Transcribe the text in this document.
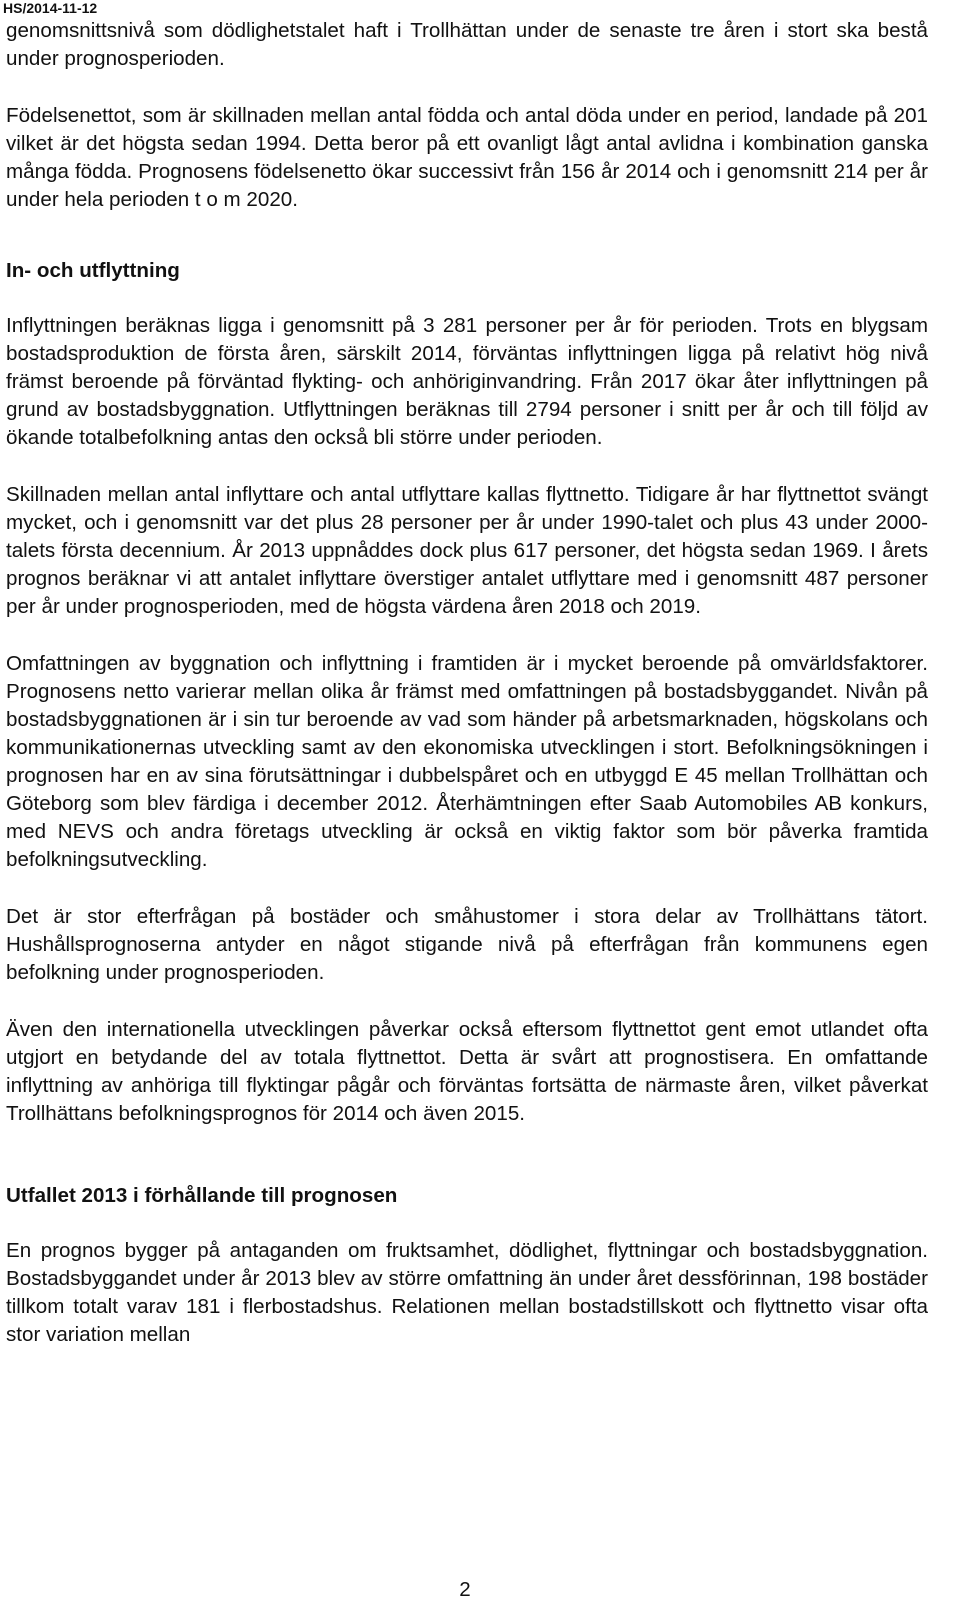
HS/2014-11-12

genomsnittsnivå som dödlighetstalet haft i Trollhättan under de senaste tre åren i stort ska bestå under prognosperioden.

Födelsenettot, som är skillnaden mellan antal födda och antal döda under en period, landade på 201 vilket är det högsta sedan 1994. Detta beror på ett ovanligt lågt antal avlidna i kombination ganska många födda. Prognosens födelsenetto ökar successivt från 156 år 2014 och i genomsnitt 214 per år under hela perioden t o m 2020.

In- och utflyttning

Inflyttningen beräknas ligga i genomsnitt på 3 281 personer per år för perioden. Trots en blygsam bostadsproduktion de första åren, särskilt 2014, förväntas inflyttningen ligga på relativt hög nivå främst beroende på förväntad flykting- och anhöriginvandring. Från 2017 ökar åter inflyttningen på grund av bostadsbyggnation. Utflyttningen beräknas till 2794 personer i snitt per år och till följd av ökande totalbefolkning antas den också bli större under perioden.

Skillnaden mellan antal inflyttare och antal utflyttare kallas flyttnetto. Tidigare år har flyttnettot svängt mycket, och i genomsnitt var det plus 28 personer per år under 1990-talet och plus 43 under 2000-talets första decennium. År 2013 uppnåddes dock plus 617 personer, det högsta sedan 1969. I årets prognos beräknar vi att antalet inflyttare överstiger antalet utflyttare med i genomsnitt 487 personer per år under prognosperioden, med de högsta värdena åren 2018 och 2019.

Omfattningen av byggnation och inflyttning i framtiden är i mycket beroende på omvärldsfaktorer. Prognosens netto varierar mellan olika år främst med omfattningen på bostadsbyggandet. Nivån på bostadsbyggnationen är i sin tur beroende av vad som händer på arbetsmarknaden, högskolans och kommunikationernas utveckling samt av den ekonomiska utvecklingen i stort. Befolkningsökningen i prognosen har en av sina förutsättningar i dubbelspåret och en utbyggd E 45 mellan Trollhättan och Göteborg som blev färdiga i december 2012. Återhämtningen efter Saab Automobiles AB konkurs, med NEVS och andra företags utveckling är också en viktig faktor som bör påverka framtida befolkningsutveckling.

Det är stor efterfrågan på bostäder och småhustomer i stora delar av Trollhättans tätort. Hushållsprognoserna antyder en något stigande nivå på efterfrågan från kommunens egen befolkning under prognosperioden.

Även den internationella utvecklingen påverkar också eftersom flyttnettot gent emot utlandet ofta utgjort en betydande del av totala flyttnettot. Detta är svårt att prognostisera. En omfattande inflyttning av anhöriga till flyktingar pågår och förväntas fortsätta de närmaste åren, vilket påverkat Trollhättans befolkningsprognos för 2014 och även 2015.

Utfallet 2013 i förhållande till prognosen

En prognos bygger på antaganden om fruktsamhet, dödlighet, flyttningar och bostadsbyggnation. Bostadsbyggandet under år 2013 blev av större omfattning än under året dessförinnan, 198 bostäder tillkom totalt varav 181 i flerbostadshus. Relationen mellan bostadstillskott och flyttnetto visar ofta stor variation mellan

2
